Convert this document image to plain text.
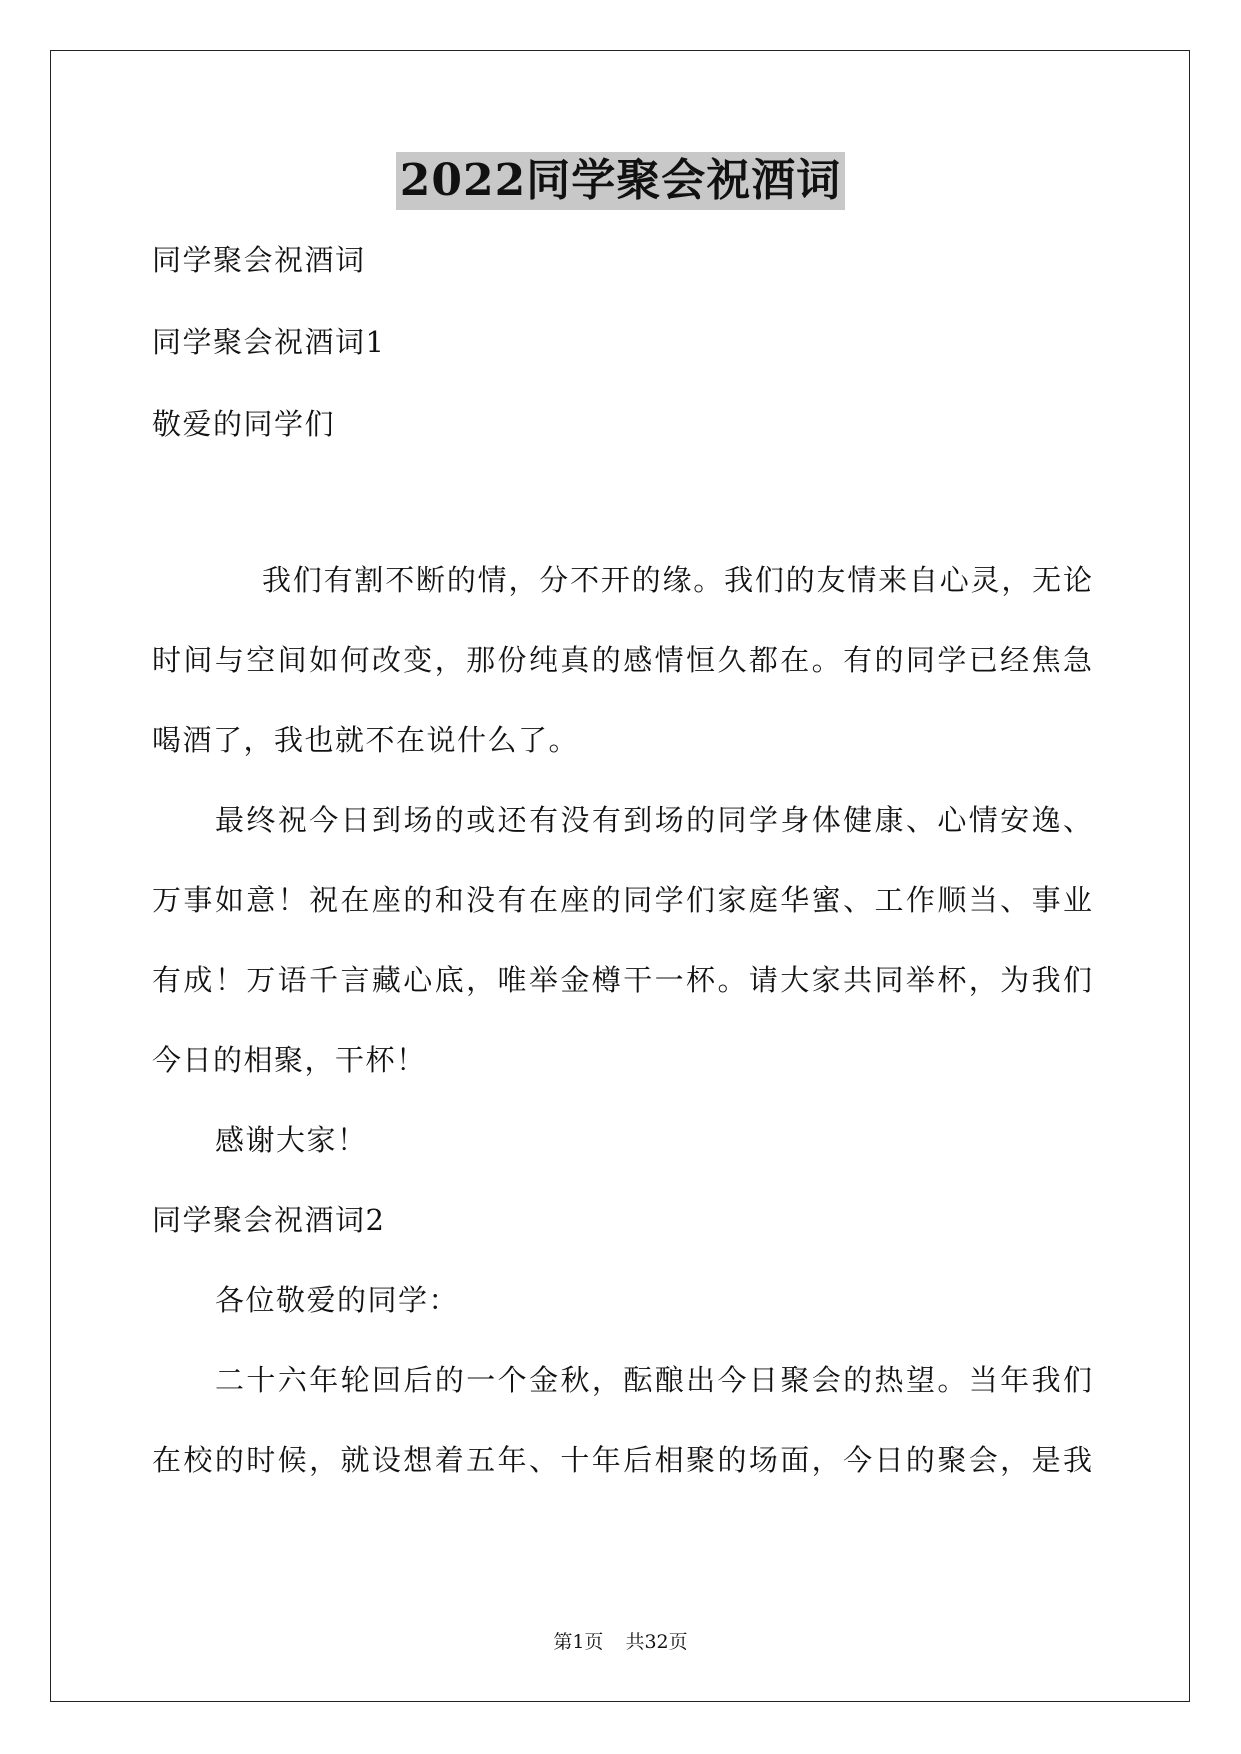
2022同学聚会祝酒词
同学聚会祝酒词
同学聚会祝酒词1
敬爱的同学们
我们有割不断的情，分不开的缘。我们的友情来自心灵，无论
时间与空间如何改变，那份纯真的感情恒久都在。有的同学已经焦急
喝酒了，我也就不在说什么了。
最终祝今日到场的或还有没有到场的同学身体健康、心情安逸、
万事如意！祝在座的和没有在座的同学们家庭华蜜、工作顺当、事业
有成！万语千言藏心底，唯举金樽干一杯。请大家共同举杯，为我们
今日的相聚，干杯！
感谢大家！
同学聚会祝酒词2
各位敬爱的同学：
二十六年轮回后的一个金秋，酝酿出今日聚会的热望。当年我们
在校的时候，就设想着五年、十年后相聚的场面，今日的聚会，是我
第1页 共32页
